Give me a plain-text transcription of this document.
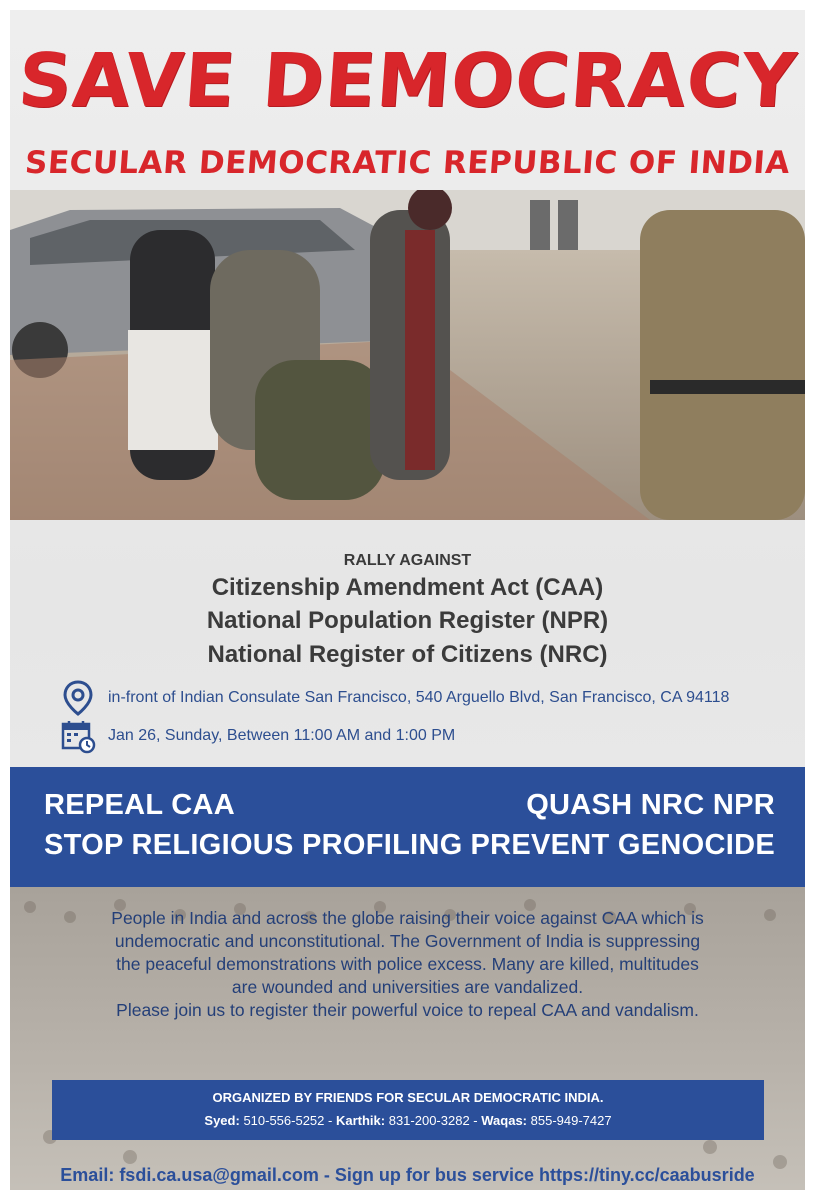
SAVE DEMOCRACY
SECULAR DEMOCRATIC REPUBLIC OF INDIA
RALLY AGAINST
Citizenship Amendment Act (CAA)
National Population Register (NPR)
National Register of Citizens (NRC)
in-front of Indian Consulate San Francisco, 540 Arguello Blvd, San Francisco, CA 94118
Jan 26, Sunday, Between 11:00 AM and 1:00 PM
REPEAL CAA
STOP RELIGIOUS PROFILING
QUASH NRC NPR
PREVENT GENOCIDE
People in India and across the globe raising their voice against CAA which is
undemocratic and unconstitutional. The Government of India is suppressing
the peaceful demonstrations with police excess. Many are killed, multitudes
are wounded and universities are vandalized.
Please join us to register their powerful voice to repeal CAA and vandalism.
ORGANIZED BY FRIENDS FOR SECULAR DEMOCRATIC INDIA.
Syed: 510-556-5252 - Karthik: 831-200-3282 - Waqas: 855-949-7427
Email: fsdi.ca.usa@gmail.com - Sign up for bus service https://tiny.cc/caabusride
